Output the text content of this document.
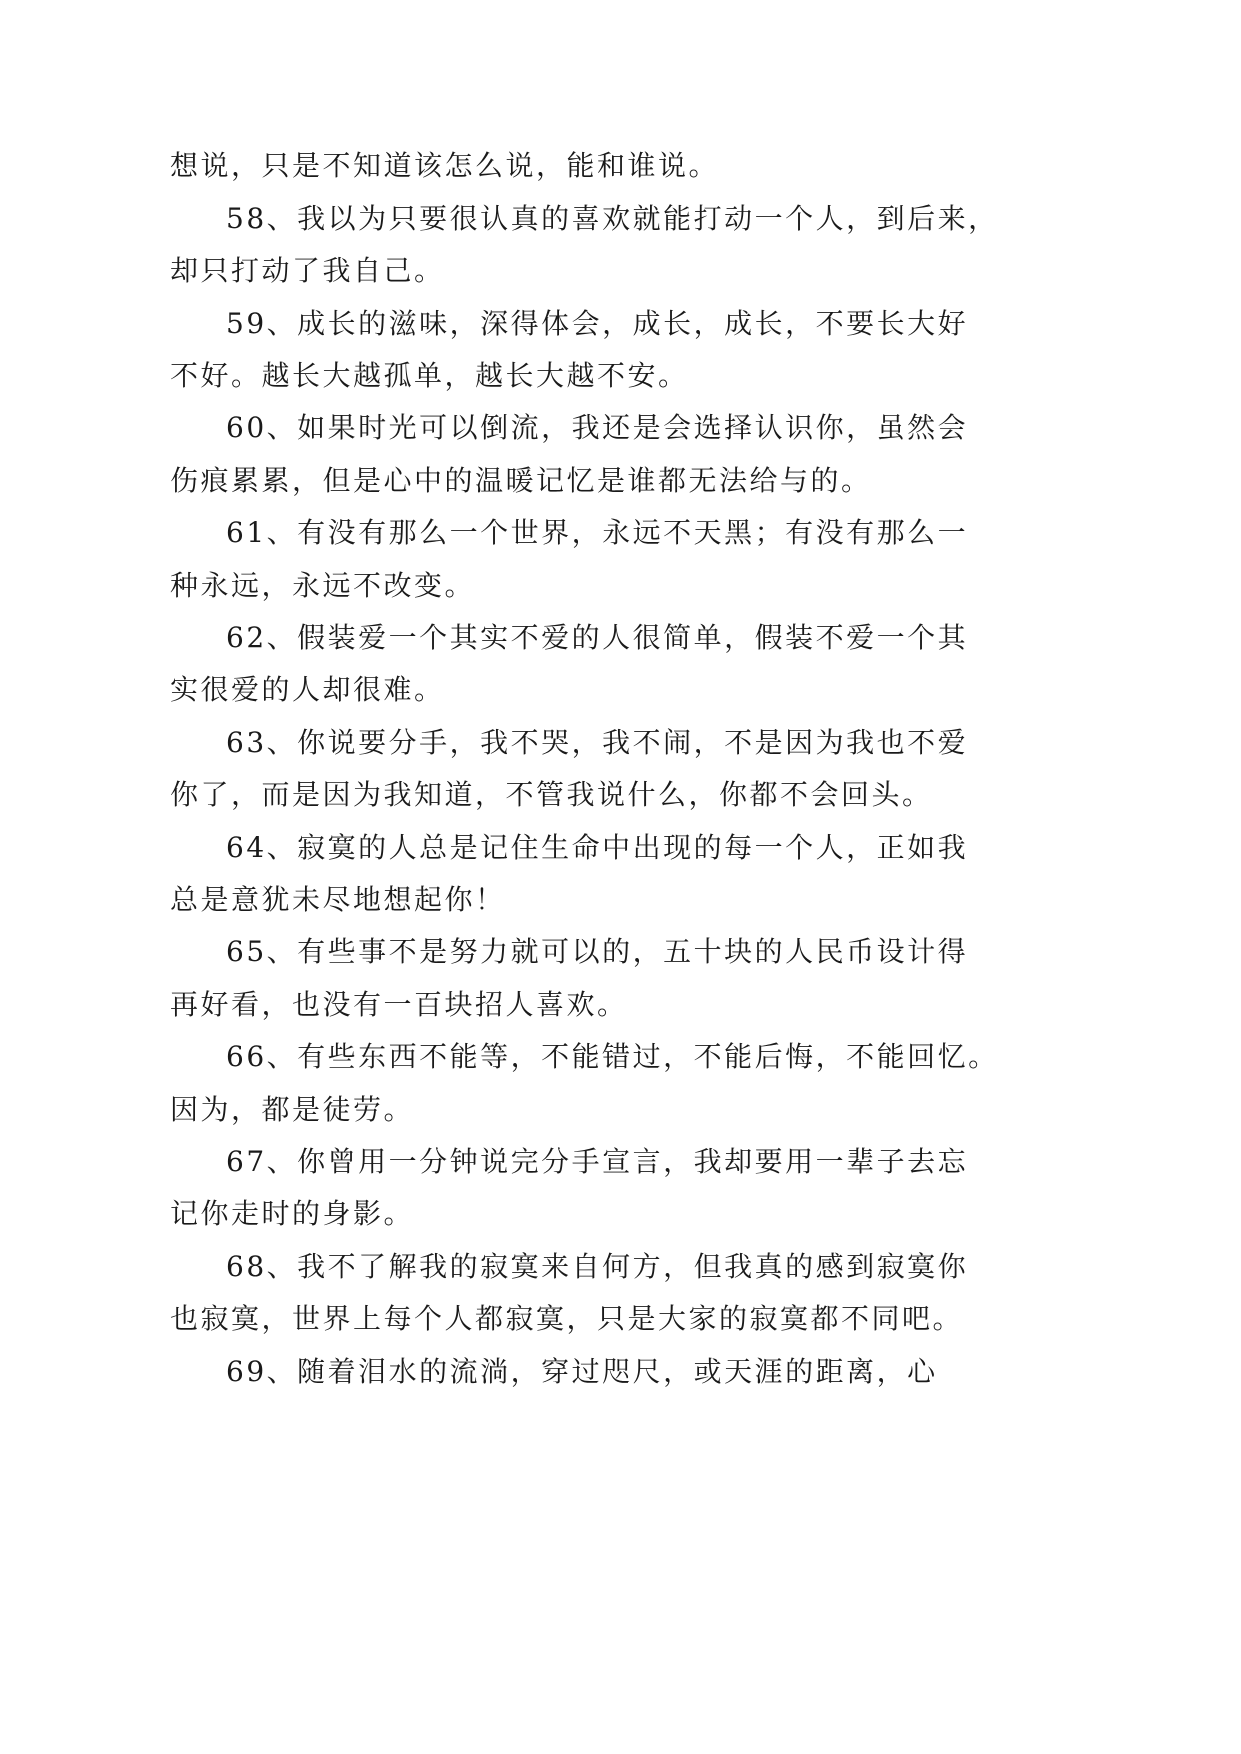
想说，只是不知道该怎么说，能和谁说。

58、我以为只要很认真的喜欢就能打动一个人，到后来，

却只打动了我自己。

59、成长的滋味，深得体会，成长，成长，不要长大好

不好。越长大越孤单，越长大越不安。

60、如果时光可以倒流，我还是会选择认识你，虽然会

伤痕累累，但是心中的温暖记忆是谁都无法给与的。

61、有没有那么一个世界，永远不天黑；有没有那么一

种永远，永远不改变。

62、假装爱一个其实不爱的人很简单，假装不爱一个其

实很爱的人却很难。

63、你说要分手，我不哭，我不闹，不是因为我也不爱

你了，而是因为我知道，不管我说什么，你都不会回头。

64、寂寞的人总是记住生命中出现的每一个人，正如我

总是意犹未尽地想起你！

65、有些事不是努力就可以的，五十块的人民币设计得

再好看，也没有一百块招人喜欢。

66、有些东西不能等，不能错过，不能后悔，不能回忆。

因为，都是徒劳。

67、你曾用一分钟说完分手宣言，我却要用一辈子去忘

记你走时的身影。

68、我不了解我的寂寞来自何方，但我真的感到寂寞你

也寂寞，世界上每个人都寂寞，只是大家的寂寞都不同吧。

69、随着泪水的流淌，穿过咫尺，或天涯的距离，心
